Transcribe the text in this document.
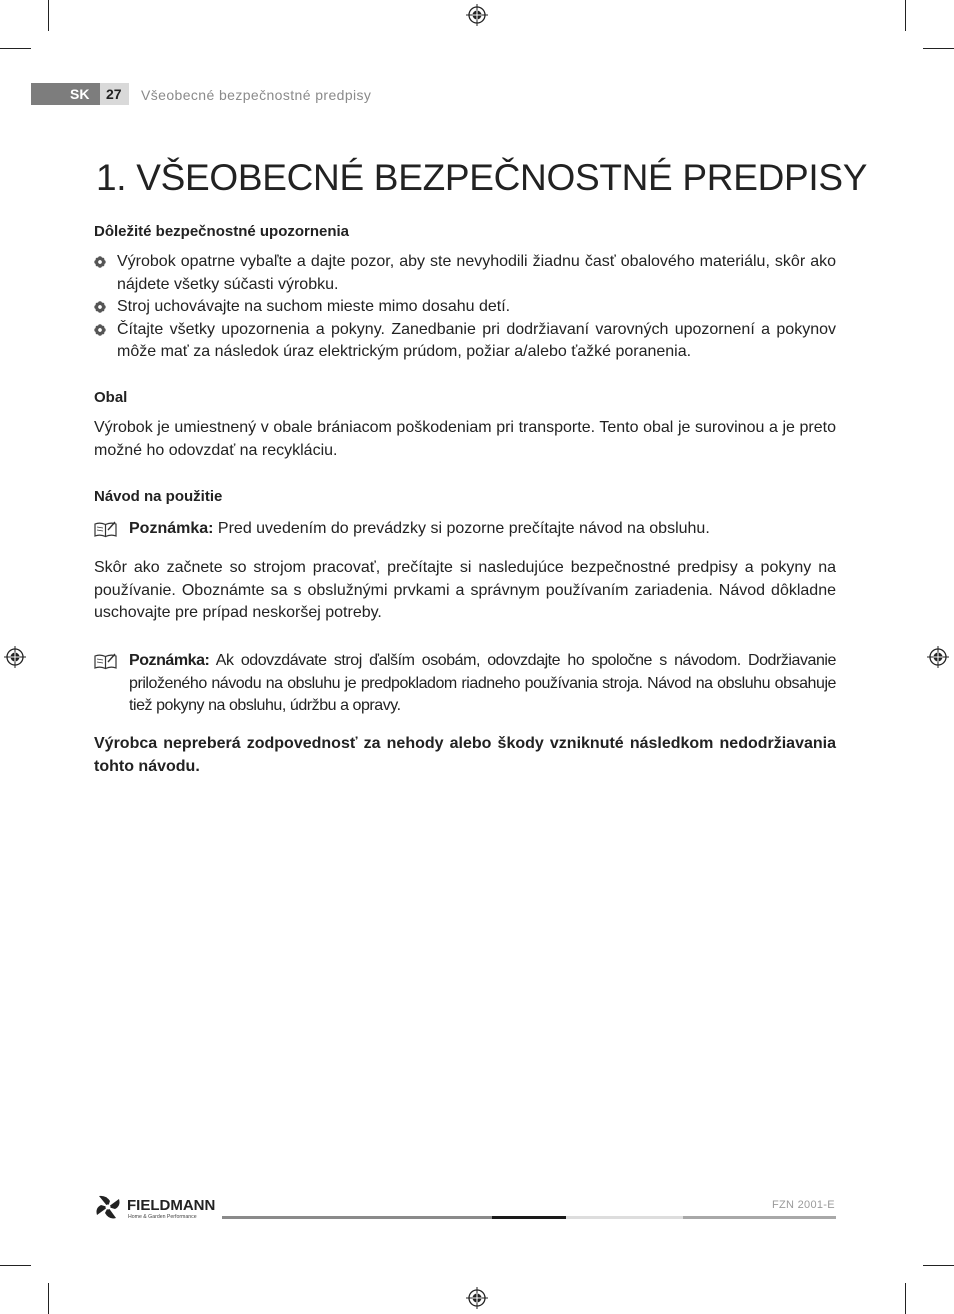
SK 27 Všeobecné bezpečnostné predpisy
1. VŠEOBECNÉ BEZPEČNOSTNÉ PREDPISY
Dôležité bezpečnostné upozornenia
Výrobok opatrne vybaľte a dajte pozor, aby ste nevyhodili žiadnu časť obalového materiálu, skôr ako nájdete všetky súčasti výrobku.
Stroj uchovávajte na suchom mieste mimo dosahu detí.
Čítajte všetky upozornenia a pokyny. Zanedbanie pri dodržiavaní varovných upozornení a pokynov môže mať za následok úraz elektrickým prúdom, požiar a/alebo ťažké poranenia.
Obal

Výrobok je umiestnený v obale brániacom poškodeniam pri transporte. Tento obal je surovinou a je preto možné ho odovzdať na recykláciu.

Návod na použitie
Poznámka: Pred uvedením do prevádzky si pozorne prečítajte návod na obsluhu.

Skôr ako začnete so strojom pracovať, prečítajte si nasledujúce bezpečnostné predpisy a pokyny na používanie. Oboznámte sa s obslužnými prvkami a správnym používaním zariadenia. Návod dôkladne uschovajte pre prípad neskoršej potreby.

Poznámka: Ak odovzdávate stroj ďalším osobám, odovzdajte ho spoločne s návodom. Dodržiavanie priloženého návodu na obsluhu je predpokladom riadneho používania stroja. Návod na obsluhu obsahuje tiež pokyny na obsluhu, údržbu a opravy.

Výrobca nepreberá zodpovednosť za nehody alebo škody vzniknuté následkom nedodržiavania tohto návodu.

FIELDMANN
Home & Garden Performance
FZN 2001-E
